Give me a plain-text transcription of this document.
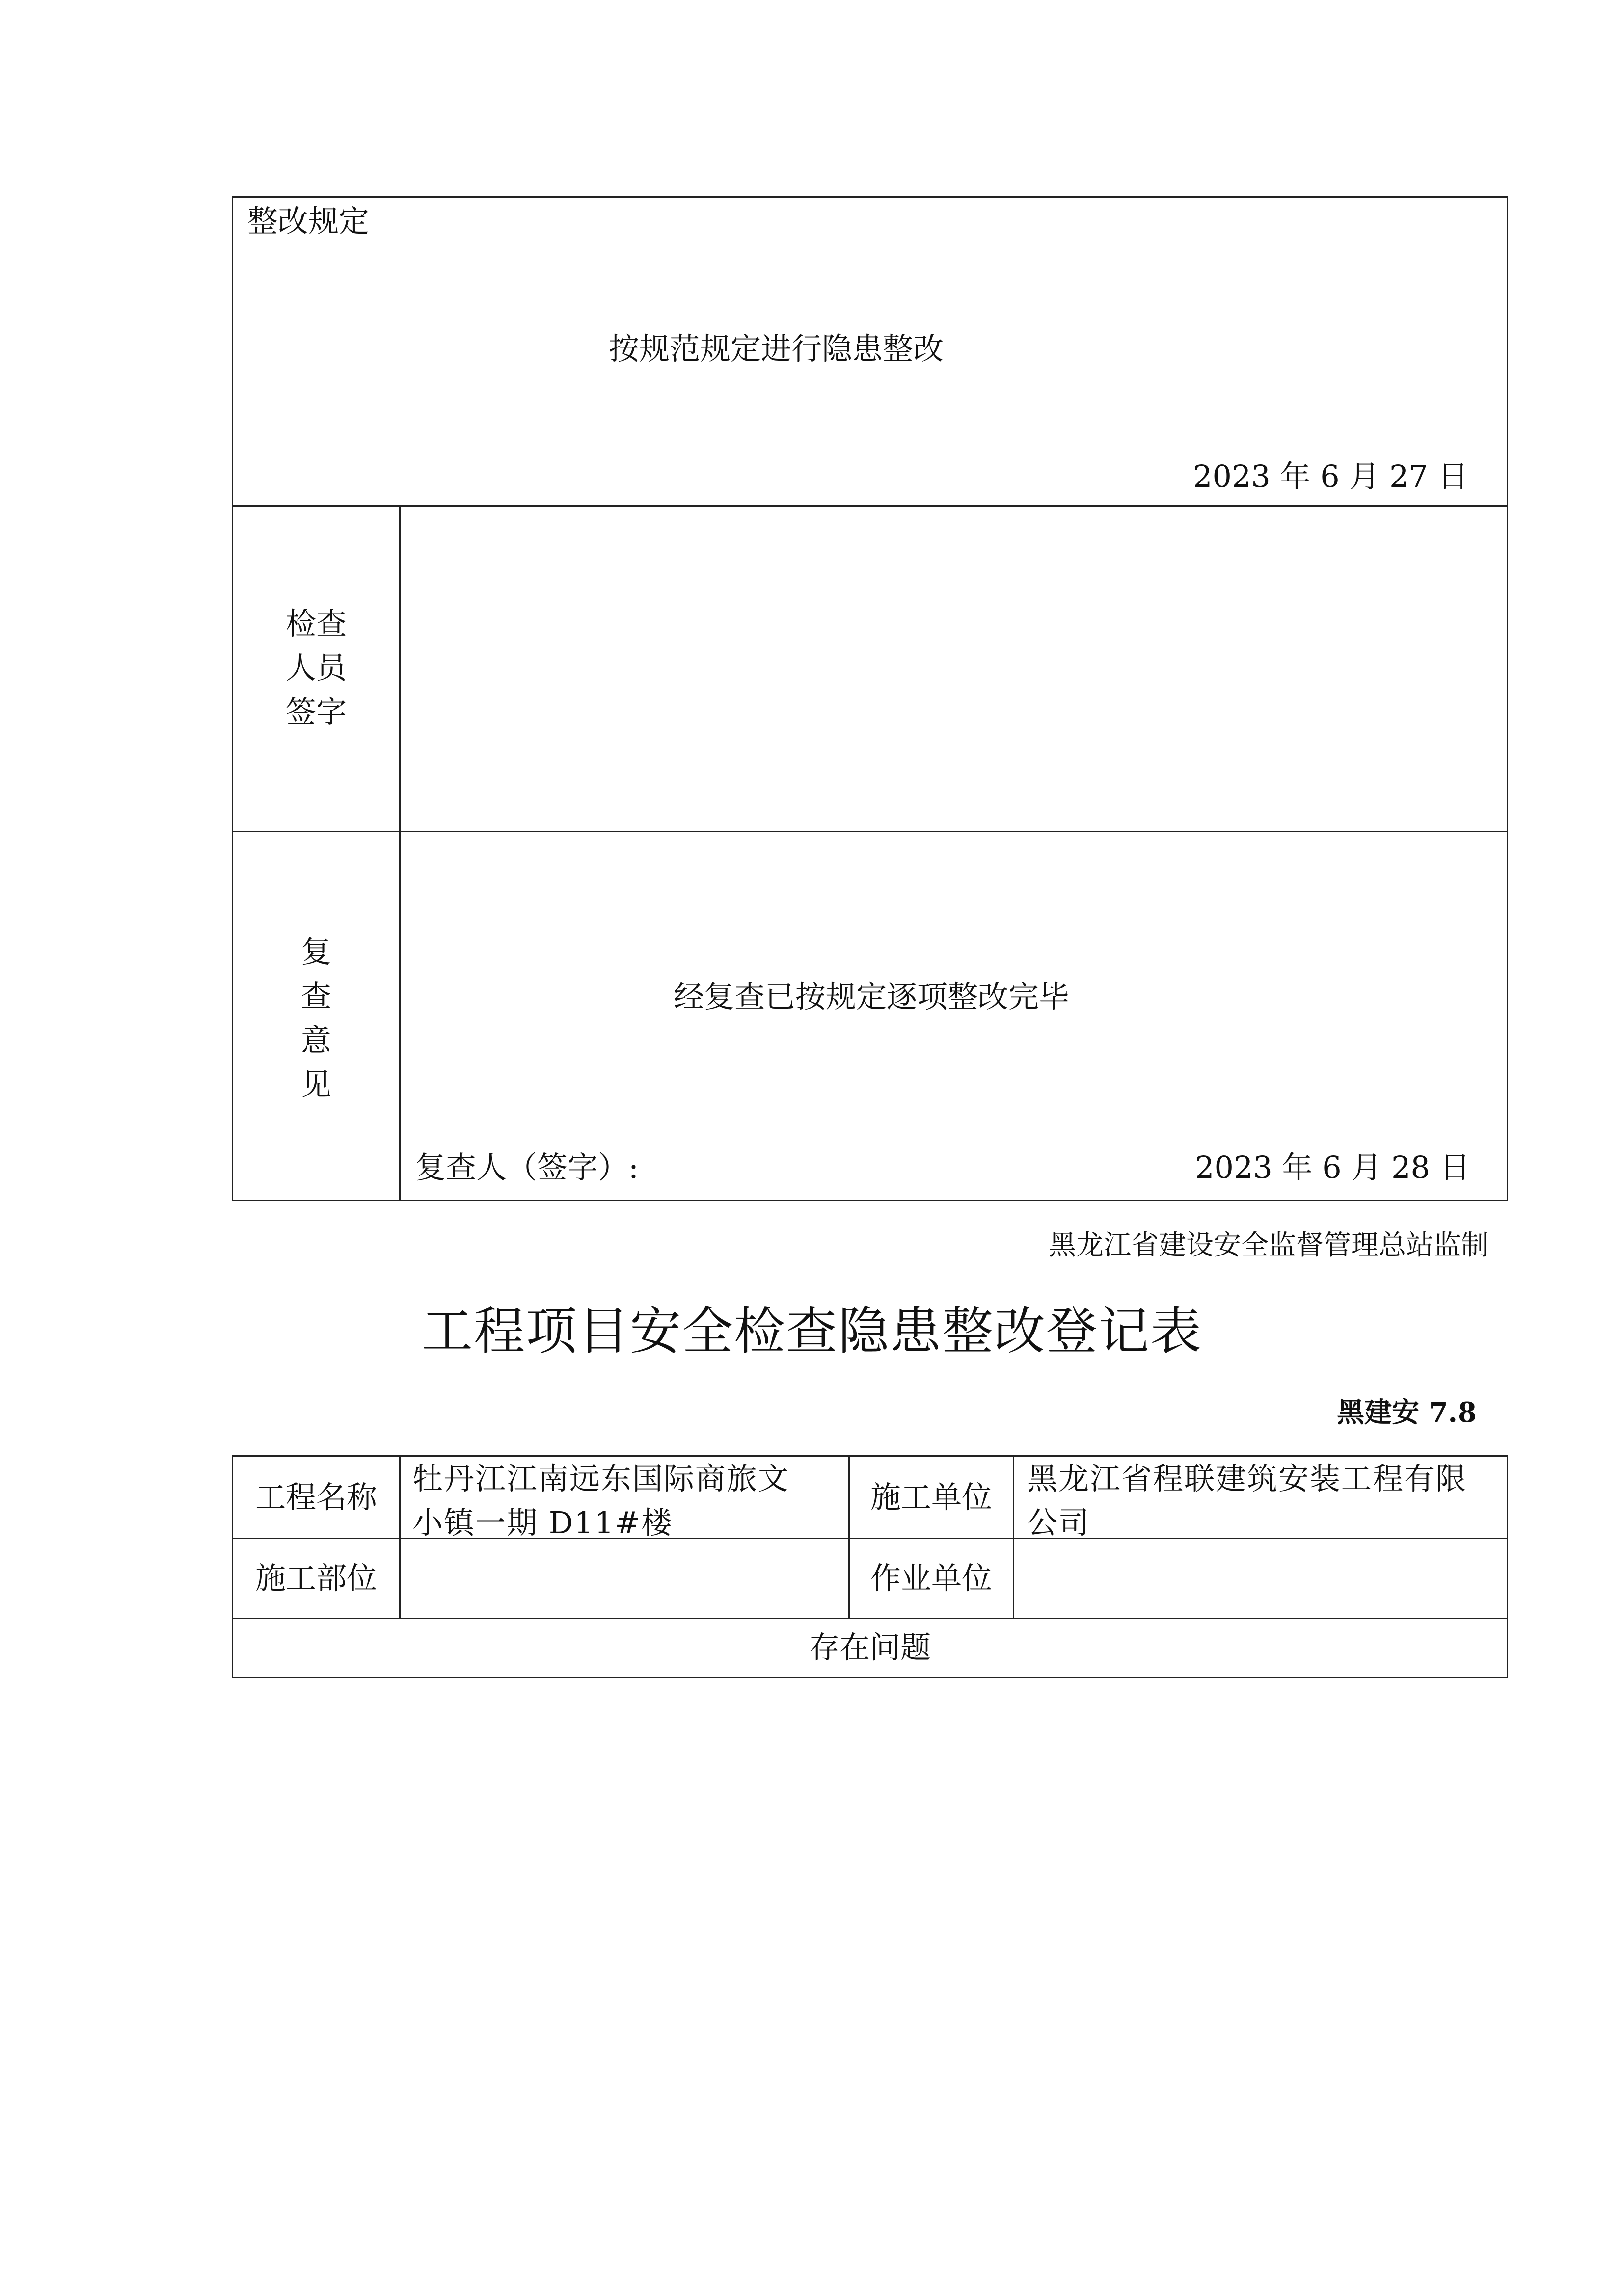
整改规定
按规范规定进行隐患整改
2023 年 6 月 27 日
检查
人员
签字
复
查
意
见
经复查已按规定逐项整改完毕
复查人（签字）:	2023 年 6 月 28 日
黑龙江省建设安全监督管理总站监制
工程项目安全检查隐患整改登记表
黑建安 7.8
工程名称
牡丹江江南远东国际商旅文
小镇一期 D11#楼
施工单位
黑龙江省程联建筑安装工程有限
公司
施工部位	作业单位
存在问题
